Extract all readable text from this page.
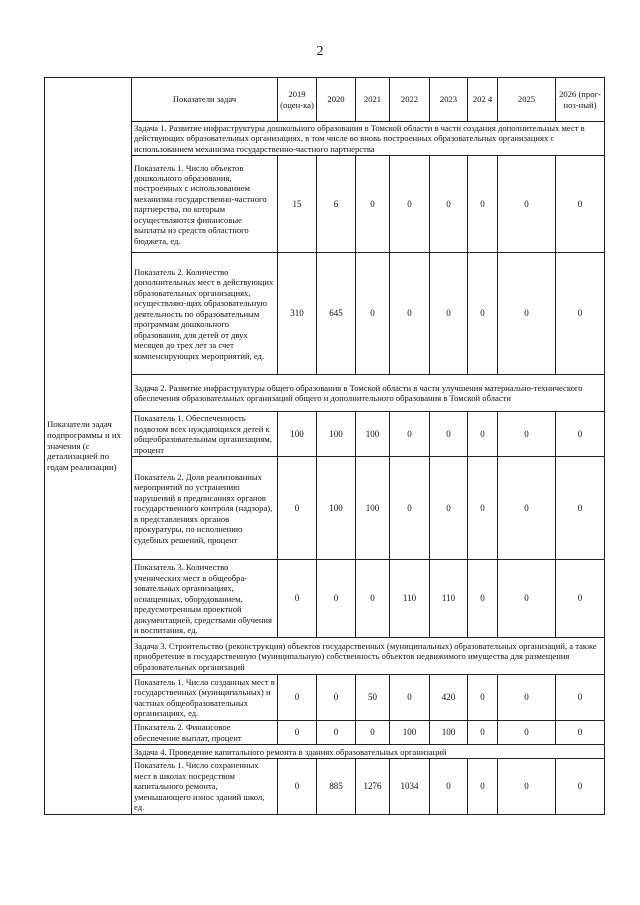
2
Показатели задач подпрограммы и их значения (с детализацией по годам реализации)	Показатели задач	2019 (оцен-ка)	2020	2021	2022	2023	202 4	2025	2026 (прог-ноз-ный)
	Задача 1. Развитие инфраструктуры дошкольного образования в Томской области в части создания дополнительных мест в действующих образовательных организациях, в том числе во вновь построенных образовательных организациях с использованием механизма государственно-частного партнерства								
	Показатель 1. Число объектов дошкольного образования, построенных с использованием механизма государственно-частного партнерства, по которым осуществляются финансовые выплаты из средств областного бюджета, ед.	15	6	0	0	0	0	0	0
	Показатель 2. Количество дополнительных мест в действующих образовательных организациях, осуществляю-щих образовательную деятельность по образовательным программам дошкольного образования, для детей от двух месяцев до трех лет за счет компенсирующих мероприятий, ед.	310	645	0	0	0	0	0	0
	Задача 2. Развитие инфраструктуры общего образования в Томской области в части улучшения материально-технического обеспечения образовательных организаций общего и дополнительного образования в Томской области								
	Показатель 1. Обеспеченность подвозом всех нуждающихся детей к общеобразовательным организациям, процент	100	100	100	0	0	0	0	0
	Показатель 2. Доля реализованных мероприятий по устранению нарушений в предписаниях органов государственного контроля (надзора), в представлениях органов прокуратуры, по исполнению судебных решений, процент	0	100	100	0	0	0	0	0
	Показатель 3. Количество ученических мест в общеобра-зовательных организациях, оснащенных, оборудованием, предусмотренным проектной документацией, средствами обучения и воспитания, ед.	0	0	0	110	110	0	0	0
	Задача 3. Строительство (реконструкция) объектов государственных (муниципальных) образовательных организаций, а также приобретение в государственную (муниципальную) собственность объектов недвижимого имущества для размещения образовательных организаций								
	Показатель 1. Число созданных мест в государственных (муниципальных) и частных общеобразовательных организациях, ед.	0	0	50	0	420	0	0	0
	Показатель 2. Финансовое обеспечение выплат, процент	0	0	0	100	100	0	0	0
	Задача 4. Проведение капитального ремонта в зданиях образовательных организаций								
	Показатель 1. Число сохраненных мест в школах посредством капитального ремонта, уменьшающего износ зданий школ, ед.	0	885	1276	1034	0	0	0	0
